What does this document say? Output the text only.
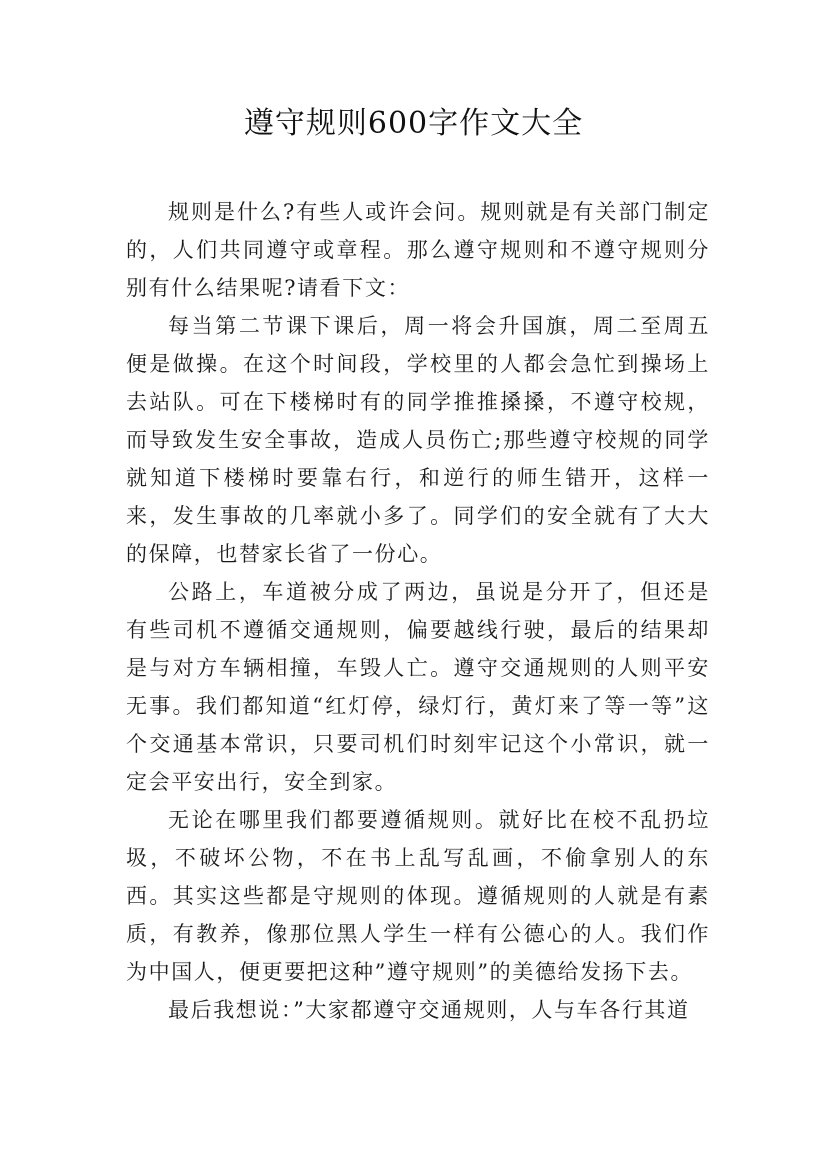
遵守规则600字作文大全

规则是什么?有些人或许会问。规则就是有关部门制定的，人们共同遵守或章程。那么遵守规则和不遵守规则分别有什么结果呢?请看下文：

每当第二节课下课后，周一将会升国旗，周二至周五便是做操。在这个时间段，学校里的人都会急忙到操场上去站队。可在下楼梯时有的同学推推搡搡，不遵守校规，而导致发生安全事故，造成人员伤亡;那些遵守校规的同学就知道下楼梯时要靠右行，和逆行的师生错开，这样一来，发生事故的几率就小多了。同学们的安全就有了大大的保障，也替家长省了一份心。

公路上，车道被分成了两边，虽说是分开了，但还是有些司机不遵循交通规则，偏要越线行驶，最后的结果却是与对方车辆相撞，车毁人亡。遵守交通规则的人则平安无事。我们都知道“红灯停，绿灯行，黄灯来了等一等”这个交通基本常识，只要司机们时刻牢记这个小常识，就一定会平安出行，安全到家。

无论在哪里我们都要遵循规则。就好比在校不乱扔垃圾，不破坏公物，不在书上乱写乱画，不偷拿别人的东西。其实这些都是守规则的体现。遵循规则的人就是有素质，有教养，像那位黑人学生一样有公德心的人。我们作为中国人，便更要把这种”遵守规则”的美德给发扬下去。

最后我想说：”大家都遵守交通规则，人与车各行其道
